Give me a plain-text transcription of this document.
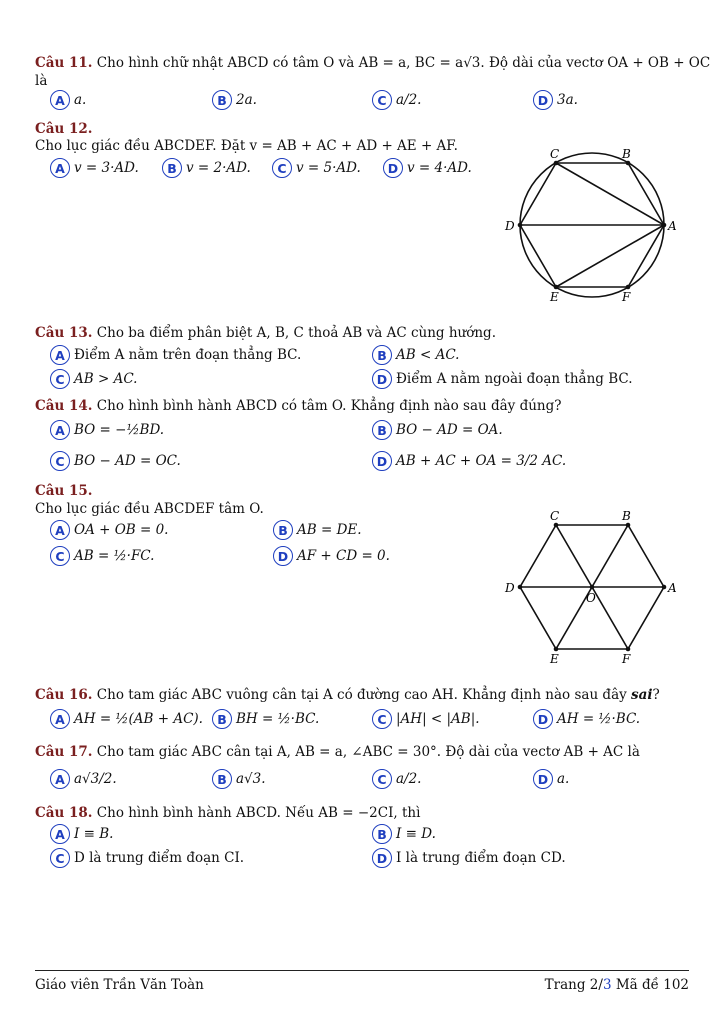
Câu 11. Cho hình chữ nhật ABCD có tâm O và AB = a, BC = a√3. Độ dài của vectơ OA + OB + OC
là
A a.	B 2a.	C a/2.	D 3a.
Câu 12.
Cho lục giác đều ABCDEF. Đặt v = AB + AC + AD + AE + AF.
A v = 3·AD.	B v = 2·AD.	C v = 5·AD.	D v = 4·AD.
A
B
C
D
E	F
Câu 13. Cho ba điểm phân biệt A, B, C thoả AB và AC cùng hướng.
A Điểm A nằm trên đoạn thẳng BC.	B AB < AC.
C AB > AC.	D Điểm A nằm ngoài đoạn thẳng BC.
Câu 14. Cho hình bình hành ABCD có tâm O. Khẳng định nào sau đây đúng?
A BO = −½BD.	B BO − AD = OA.
C BO − AD = OC.	D AB + AC + OA = 3/2 AC.
Câu 15.
Cho lục giác đều ABCDEF tâm O.
A OA + OB = 0.	B AB = DE.
C AB = ½·FC.	D AF + CD = 0.
A
B
C
D
E	F
O
Câu 16. Cho tam giác ABC vuông cân tại A có đường cao AH. Khẳng định nào sau đây sai?
A AH = ½(AB + AC).	B BH = ½·BC.	C |AH| < |AB|.	D AH = ½·BC.
Câu 17. Cho tam giác ABC cân tại A, AB = a, ∠ABC = 30°. Độ dài của vectơ AB + AC là
A a√3/2.	B a√3.	C a/2.	D a.
Câu 18. Cho hình bình hành ABCD. Nếu AB = −2CI, thì
A I ≡ B.	B I ≡ D.
C D là trung điểm đoạn CI.	D I là trung điểm đoạn CD.
Giáo viên Trần Văn Toàn	Trang 2/3 Mã đề 102
